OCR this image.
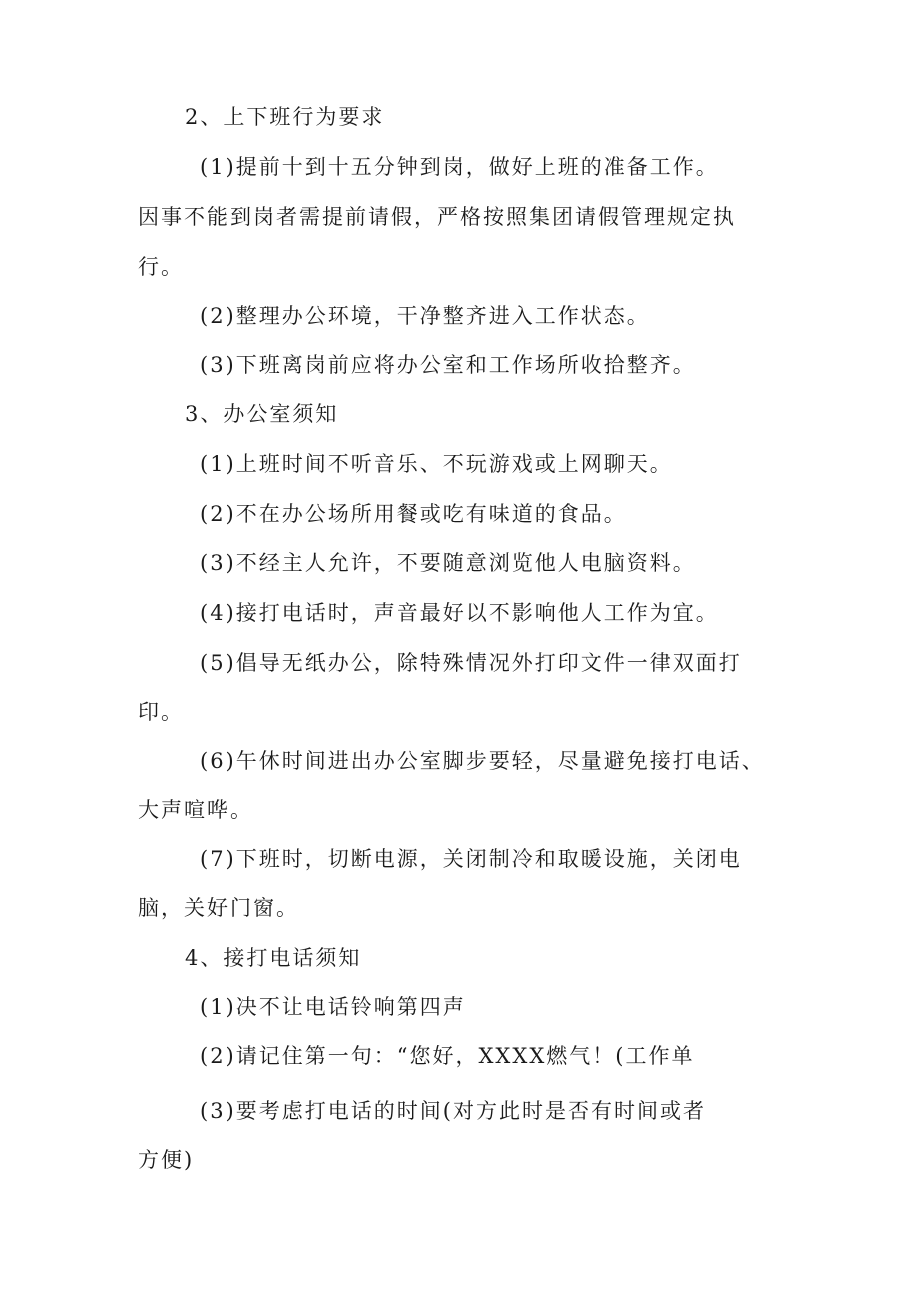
2、上下班行为要求
(1)提前十到十五分钟到岗，做好上班的准备工作。
因事不能到岗者需提前请假，严格按照集团请假管理规定执
行。
(2)整理办公环境，干净整齐进入工作状态。
(3)下班离岗前应将办公室和工作场所收拾整齐。
3、办公室须知
(1)上班时间不听音乐、不玩游戏或上网聊天。
(2)不在办公场所用餐或吃有味道的食品。
(3)不经主人允许，不要随意浏览他人电脑资料。
(4)接打电话时，声音最好以不影响他人工作为宜。
(5)倡导无纸办公，除特殊情况外打印文件一律双面打
印。
(6)午休时间进出办公室脚步要轻，尽量避免接打电话、
大声喧哗。
(7)下班时，切断电源，关闭制冷和取暖设施，关闭电
脑，关好门窗。
4、接打电话须知
(1)决不让电话铃响第四声
(2)请记住第一句：“您好，XXXX燃气！(工作单
(3)要考虑打电话的时间(对方此时是否有时间或者
方便)
